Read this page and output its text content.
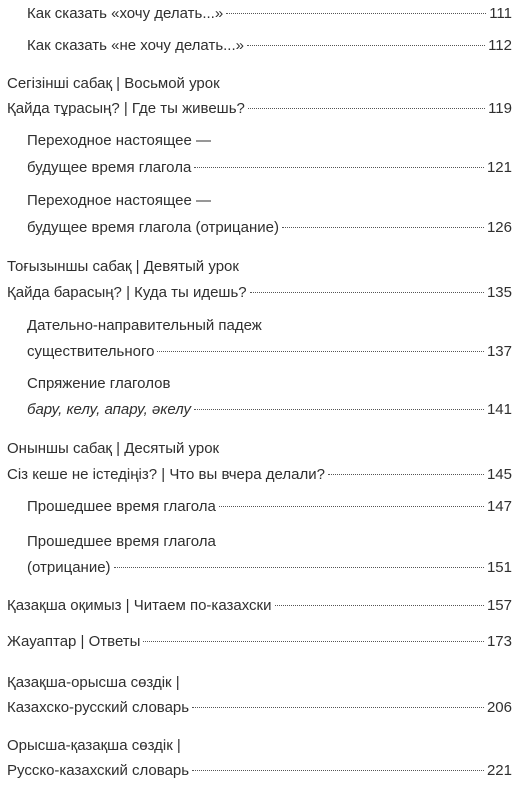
Как сказать «хочу делать...»	111
Как сказать «не хочу делать...»	112
Сегізінші сабақ | Восьмой урок
Қайда тұрасың? | Где ты живешь?	119
Переходное настоящее —
будущее время глагола	121
Переходное настоящее —
будущее время глагола (отрицание)	126
Тоғызыншы сабақ | Девятый урок
Қайда барасың? | Куда ты идешь?	135
Дательно-направительный падеж
существительного	137
Спряжение глаголов
бару, келу, апару, әкелу	141
Оныншы сабақ | Десятый урок
Сіз кеше не істедіңіз? | Что вы вчера делали?	145
Прошедшее время глагола	147
Прошедшее время глагола
(отрицание)	151
Қазақша оқимыз | Читаем по-казахски	157
Жауаптар | Ответы	173
Қазақша-орысша сөздік |
Казахско-русский словарь	206
Орысша-қазақша сөздік |
Русско-казахский словарь	221
